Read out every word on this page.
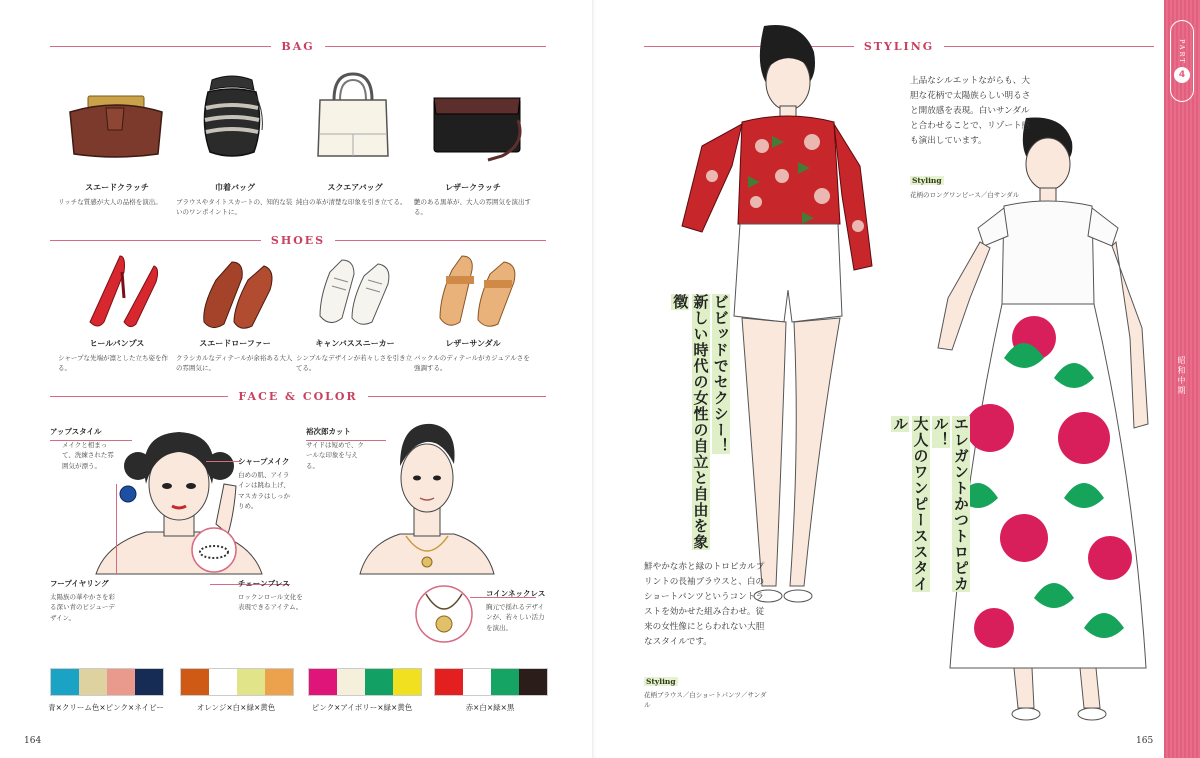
BAG
スエードクラッチ
リッチな質感が大人の品格を演出。
巾着バッグ
ブラウスやタイトスカートの、知的な装いのワンポイントに。
スクエアバッグ
純白の革が清楚な印象を引き立てる。
レザークラッチ
艶のある黒革が、大人の雰囲気を演出する。
SHOES
ヒールパンプス
シャープな先端が凛とした立ち姿を作る。
スエードローファー
クラシカルなディテールが余裕ある大人の雰囲気に。
キャンバススニーカー
シンプルなデザインが若々しさを引き立てる。
レザーサンダル
バックルのディテールがカジュアルさを強調する。
FACE & COLOR
アップスタイル
メイクと相まって、洗練された雰囲気が漂う。	シャープメイク
白めの肌、アイラインは跳ね上げ、マスカラはしっかりめ。
フープイヤリング
太陽族の華やかさを彩る深い青のビジューデザイン。
チェーンブレス
ロックンロール文化を表現できるアイテム。
裕次郎カット
サイドは短めで、クールな印象を与える。
コインネックレス
胸元で揺れるデザインが、若々しい活力を演出。
青×クリーム色×ピンク×ネイビー	オレンジ×白×緑×黄色	ピンク×アイボリー×緑×黄色	赤×白×緑×黒
164
STYLING
ビビッドでセクシー！
新しい時代の女性の自立と自由を象徴
鮮やかな赤と緑のトロピカルプリントの長袖ブラウスと、白のショートパンツというコントラストを効かせた組み合わせ。従来の女性像にとらわれない大胆なスタイルです。
Styling
花柄ブラウス／白ショートパンツ／サンダル
上品なシルエットながらも、大胆な花柄で太陽族らしい明るさと開放感を表現。白いサンダルと合わせることで、リゾート感も演出しています。
Styling
花柄のロングワンピース／白サンダル
エレガントかつトロピカル！
大人のワンピーススタイル
165
PART
4
昭和中期
